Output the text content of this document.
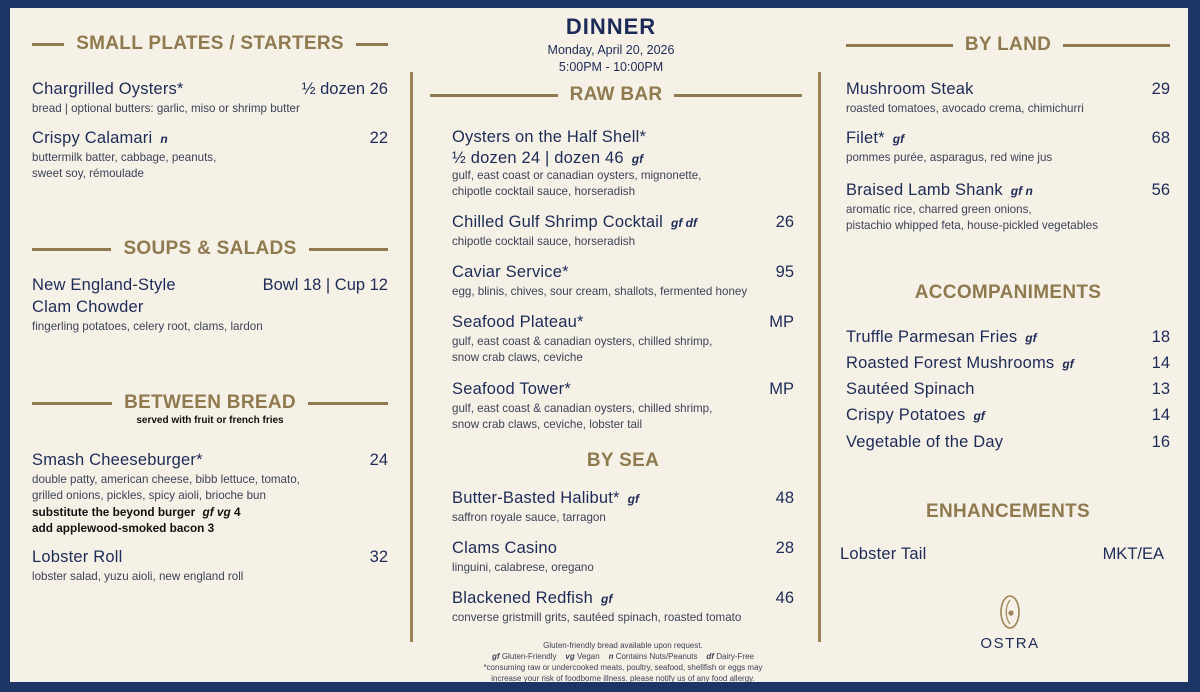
SMALL PLATES / STARTERS
Chargrilled Oysters*	½ dozen 26
bread | optional butters: garlic, miso or shrimp butter
Crispy Calamari n	22
buttermilk batter, cabbage, peanuts,
sweet soy, rémoulade
SOUPS & SALADS
New England-Style	Bowl 18 | Cup 12
Clam Chowder
fingerling potatoes, celery root, clams, lardon
BETWEEN BREAD
served with fruit or french fries
Smash Cheeseburger*	24
double patty, american cheese, bibb lettuce, tomato,
grilled onions, pickles, spicy aioli, brioche bun
substitute the beyond burger gf vg 4
add applewood-smoked bacon 3
Lobster Roll	32
lobster salad, yuzu aioli, new england roll
DINNER
Monday, April 20, 2026
5:00PM - 10:00PM
RAW BAR
Oysters on the Half Shell*
½ dozen 24 | dozen 46 gf
gulf, east coast or canadian oysters, mignonette,
chipotle cocktail sauce, horseradish
Chilled Gulf Shrimp Cocktail gf df	26
chipotle cocktail sauce, horseradish
Caviar Service*	95
egg, blinis, chives, sour cream, shallots, fermented honey
Seafood Plateau*	MP
gulf, east coast & canadian oysters, chilled shrimp,
snow crab claws, ceviche
Seafood Tower*	MP
gulf, east coast & canadian oysters, chilled shrimp,
snow crab claws, ceviche, lobster tail
BY SEA
Butter-Basted Halibut* gf	48
saffron royale sauce, tarragon
Clams Casino	28
linguini, calabrese, oregano
Blackened Redfish gf	46
converse gristmill grits, sautéed spinach, roasted tomato
Gluten-friendly bread available upon request.
gf Gluten-Friendly vg Vegan n Contains Nuts/Peanuts df Dairy-Free
*consuming raw or undercooked meats, poultry, seafood, shellfish or eggs may
increase your risk of foodborne illness. please notify us of any food allergy.
BY LAND
Mushroom Steak	29
roasted tomatoes, avocado crema, chimichurri
Filet* gf	68
pommes purée, asparagus, red wine jus
Braised Lamb Shank gf n	56
aromatic rice, charred green onions,
pistachio whipped feta, house-pickled vegetables
ACCOMPANIMENTS
Truffle Parmesan Fries gf	18
Roasted Forest Mushrooms gf	14
Sautéed Spinach	13
Crispy Potatoes gf	14
Vegetable of the Day	16
ENHANCEMENTS
Lobster Tail	MKT/EA
OSTRA
